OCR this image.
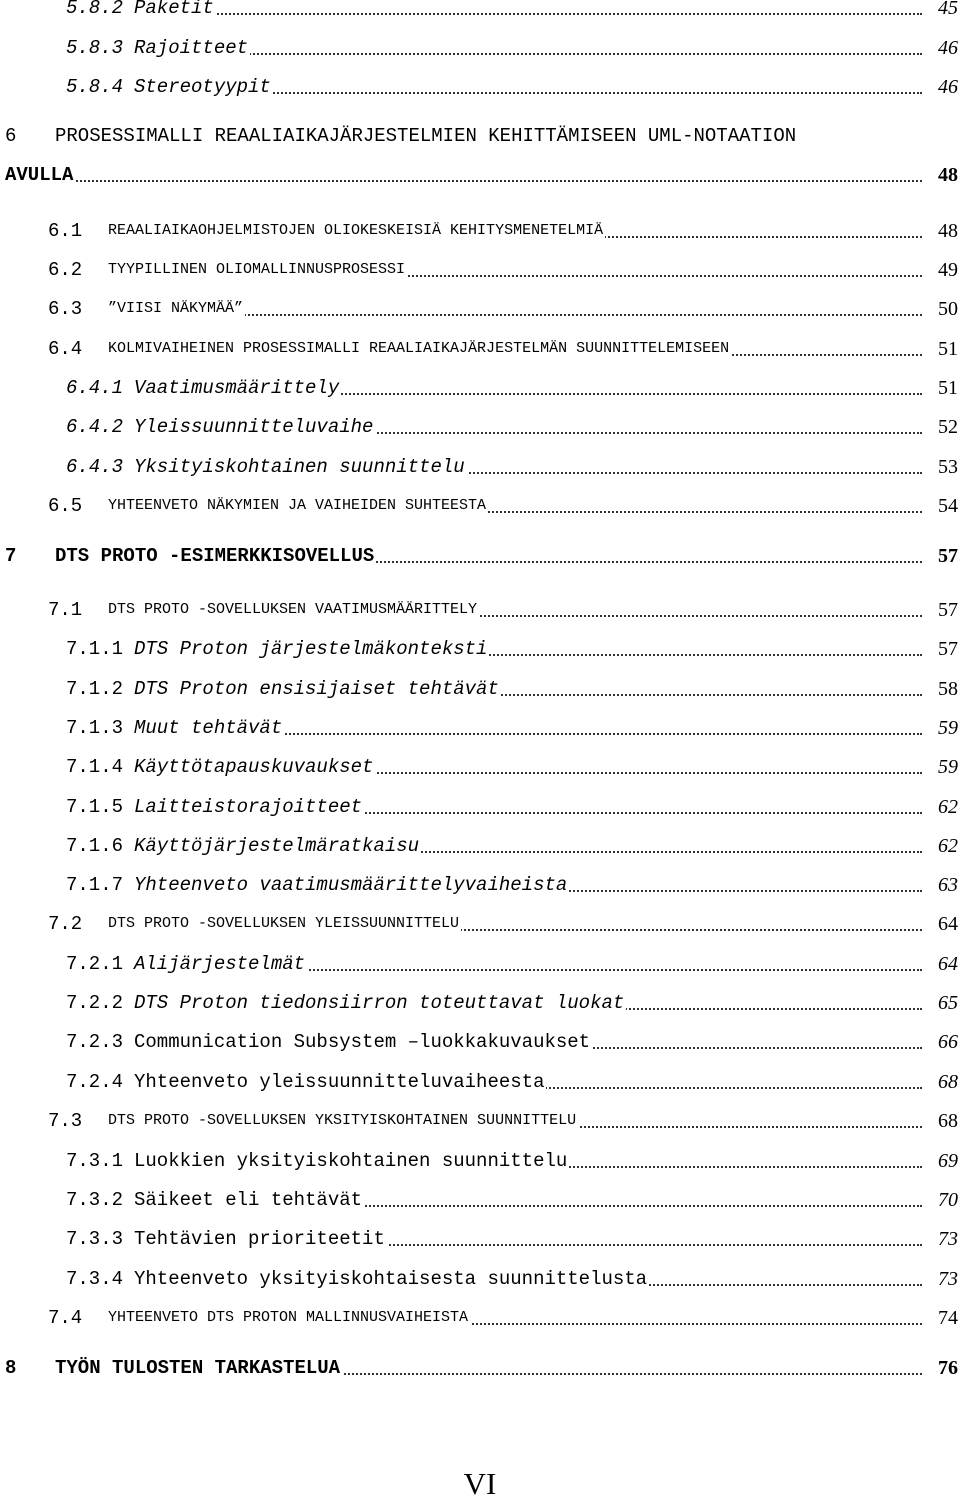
5.8.2 Paketit	45
5.8.3 Rajoitteet	46
5.8.4 Stereotyypit	46
6 PROSESSIMALLI REAALIAIKAJÄRJESTELMIEN KEHITTÄMISEEN UML-NOTAATION
AVULLA	48
6.1 REAALIAIKAOHJELMISTOJEN OLIOKESKEISIÄ KEHITYSMENETELMIÄ	48
6.2 TYYPILLINEN OLIOMALLINNUSPROSESSI	49
6.3 ”VIISI NÄKYMÄÄ”	50
6.4 KOLMIVAIHEINEN PROSESSIMALLI REAALIAIKAJÄRJESTELMÄN SUUNNITTELEMISEEN	51
6.4.1 Vaatimusmäärittely	51
6.4.2 Yleissuunnitteluvaihe	52
6.4.3 Yksityiskohtainen suunnittelu	53
6.5 YHTEENVETO NÄKYMIEN JA VAIHEIDEN SUHTEESTA	54
7 DTS PROTO -ESIMERKKISOVELLUS	57
7.1 DTS PROTO -SOVELLUKSEN VAATIMUSMÄÄRITTELY	57
7.1.1 DTS Proton järjestelmäkonteksti	57
7.1.2 DTS Proton ensisijaiset tehtävät	58
7.1.3 Muut tehtävät	59
7.1.4 Käyttötapauskuvaukset	59
7.1.5 Laitteistorajoitteet	62
7.1.6 Käyttöjärjestelmäratkaisu	62
7.1.7 Yhteenveto vaatimusmäärittelyvaiheista	63
7.2 DTS PROTO -SOVELLUKSEN YLEISSUUNNITTELU	64
7.2.1 Alijärjestelmät	64
7.2.2 DTS Proton tiedonsiirron toteuttavat luokat	65
7.2.3 Communication Subsystem –luokkakuvaukset	66
7.2.4 Yhteenveto yleissuunnitteluvaiheesta	68
7.3 DTS PROTO -SOVELLUKSEN YKSITYISKOHTAINEN SUUNNITTELU	68
7.3.1 Luokkien yksityiskohtainen suunnittelu	69
7.3.2 Säikeet eli tehtävät	70
7.3.3 Tehtävien prioriteetit	73
7.3.4 Yhteenveto yksityiskohtaisesta suunnittelusta	73
7.4 YHTEENVETO DTS PROTON MALLINNUSVAIHEISTA	74
8 TYÖN TULOSTEN TARKASTELUA	76
VI
